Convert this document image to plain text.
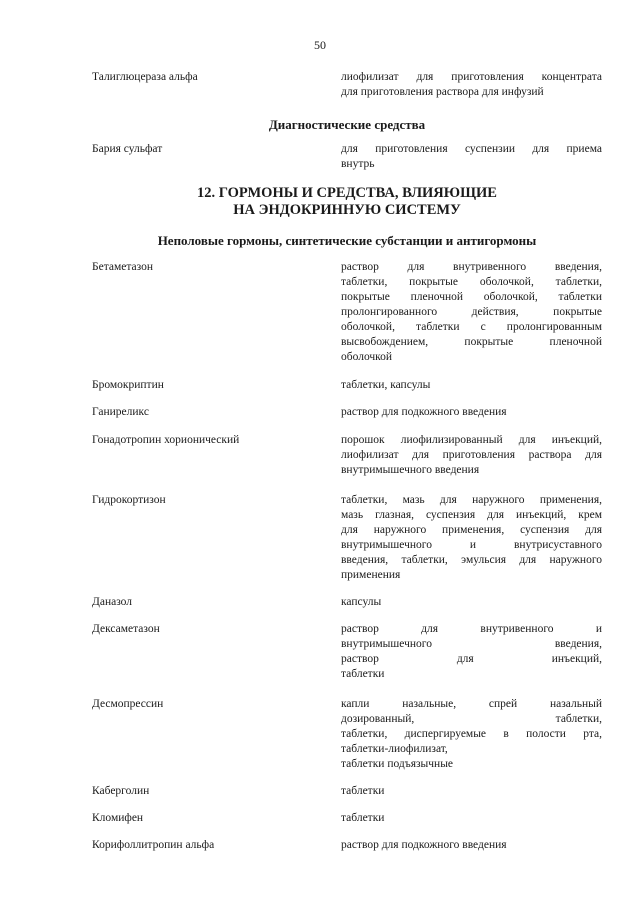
50
Талиглюцераза альфа	лиофилизат для приготовления концентрата
для приготовления раствора для инфузий
Диагностические средства
Бария сульфат	для приготовления суспензии для приема
внутрь
12. ГОРМОНЫ И СРЕДСТВА, ВЛИЯЮЩИЕ
НА ЭНДОКРИННУЮ СИСТЕМУ
Неполовые гормоны, синтетические субстанции и антигормоны
Бетаметазон	раствор для внутривенного введения,
таблетки, покрытые оболочкой, таблетки,
покрытые пленочной оболочкой, таблетки
пролонгированного действия, покрытые
оболочкой, таблетки с пролонгированным
высвобождением, покрытые пленочной
оболочкой
Бромокриптин	таблетки, капсулы
Ганиреликс	раствор для подкожного введения
Гонадотропин хорионический	порошок лиофилизированный для инъекций,
лиофилизат для приготовления раствора для
внутримышечного введения
Гидрокортизон	таблетки, мазь для наружного применения,
мазь глазная, суспензия для инъекций, крем
для наружного применения, суспензия для
внутримышечного и внутрисуставного
введения, таблетки, эмульсия для наружного
применения
Даназол	капсулы
Дексаметазон	раствор для внутривенного и
внутримышечного введения,
раствор для инъекций,
таблетки
Десмопрессин	капли назальные, спрей назальный
дозированный, таблетки,
таблетки, диспергируемые в полости рта,
таблетки-лиофилизат,
таблетки подъязычные
Каберголин	таблетки
Кломифен	таблетки
Корифоллитропин альфа	раствор для подкожного введения
